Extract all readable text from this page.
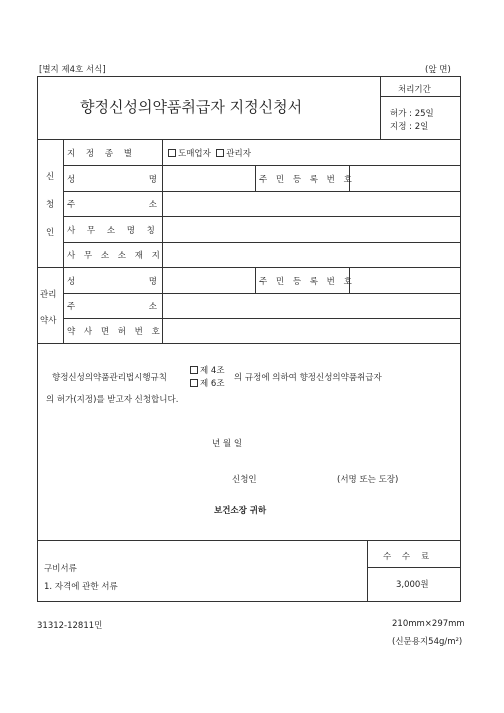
[별지 제4호 서식]	(앞 면)
향정신성의약품취급자 지정신청서
처리기간
허가 : 25일
지정 : 2일
신
청
인
지 정 종 별	도매업자 관리자
성	명	주 민 등 록 번 호
주	소
사 무 소 명 칭
사 무 소 소 재 지
관리
약사
성	명	주 민 등 록 번 호
주	소
약 사 면 허 번 호
향정신성의약품관리법시행규칙
제 4조
제 6조
의 규정에 의하여 향정신성의약품취급자
의 허가(지정)를 받고자 신청합니다.
년 월 일
신청인	(서명 또는 도장)
보건소장 귀하
구비서류
1. 자격에 관한 서류
수 수 료
3,000원
31312-12811민	210mm×297mm
(신문용지54g/m²)
